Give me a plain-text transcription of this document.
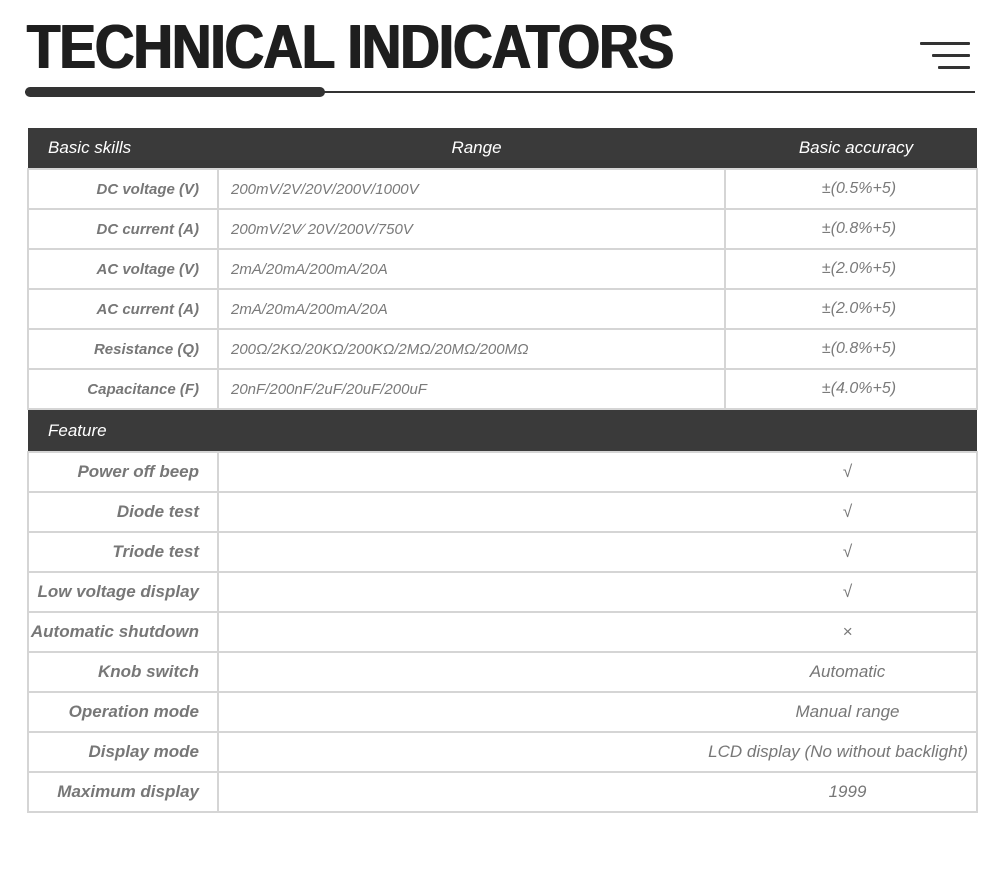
TECHNICAL INDICATORS
Basic skills	Range	Basic accuracy
DC voltage (V)	200mV/2V/20V/200V/1000V	±(0.5%+5)
DC current (A)	200mV/2V∕ 20V/200V/750V	±(0.8%+5)
AC voltage (V)	2mA/20mA/200mA/20A	±(2.0%+5)
AC current (A)	2mA/20mA/200mA/20A	±(2.0%+5)
Resistance (Q)	200Ω/2KΩ/20KΩ/200KΩ/2MΩ/20MΩ/200MΩ	±(0.8%+5)
Capacitance (F)	20nF/200nF/2uF/20uF/200uF	±(4.0%+5)
Feature		
Power off beep	√	
Diode test	√	
Triode test	√	
Low voltage display	√	
Automatic shutdown	×	
Knob switch	Automatic	
Operation mode	Manual range	
Display mode	LCD display (No without backlight)	
Maximum display	1999	
